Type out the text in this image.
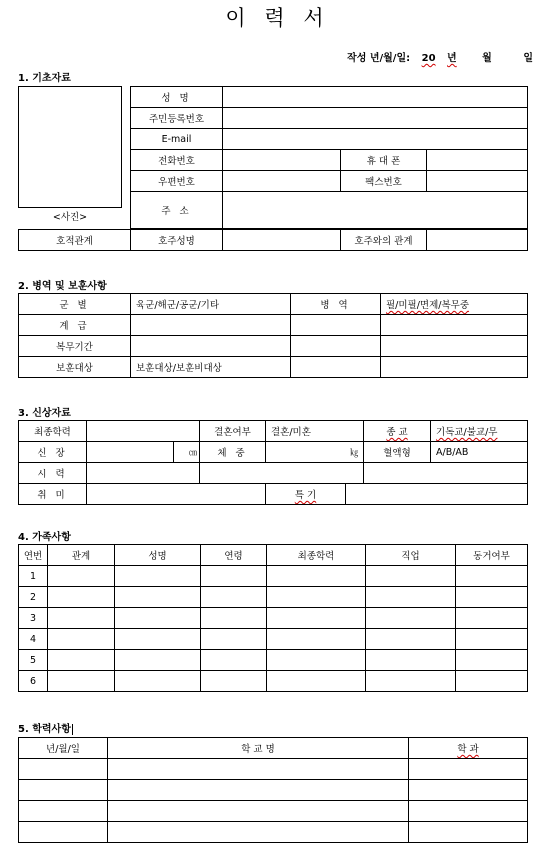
이 력 서
작성 년/월/일: 20 년	월	일
1. 기초자료
<사진>
	성 명			
	주민등록번호			
	E-mail			
	전화번호		휴 대 폰	
	우편번호		팩스번호	
	주 소			

호적관계	호주성명		호주와의 관계	
2. 병역 및 보훈사항
군 별	육군/해군/공군/기타	병 역	필/미필/면제/복무중
계 급			
복무기간			
보훈대상	보훈대상/보훈비대상		
3. 신상자료
최종학력			결혼여부	결혼/미혼		종 교	기독교/불교/무
신 장		㎝	체 중		㎏	혈액형	A/B/AB
시 력							
취 미				특 기			
4. 가족사항
연번	관계	성명	연령	최종학력	직업	동거여부
1						
2						
3						
4						
5						
6						
5. 학력사항
년/월/일	학 교 명	학 과
